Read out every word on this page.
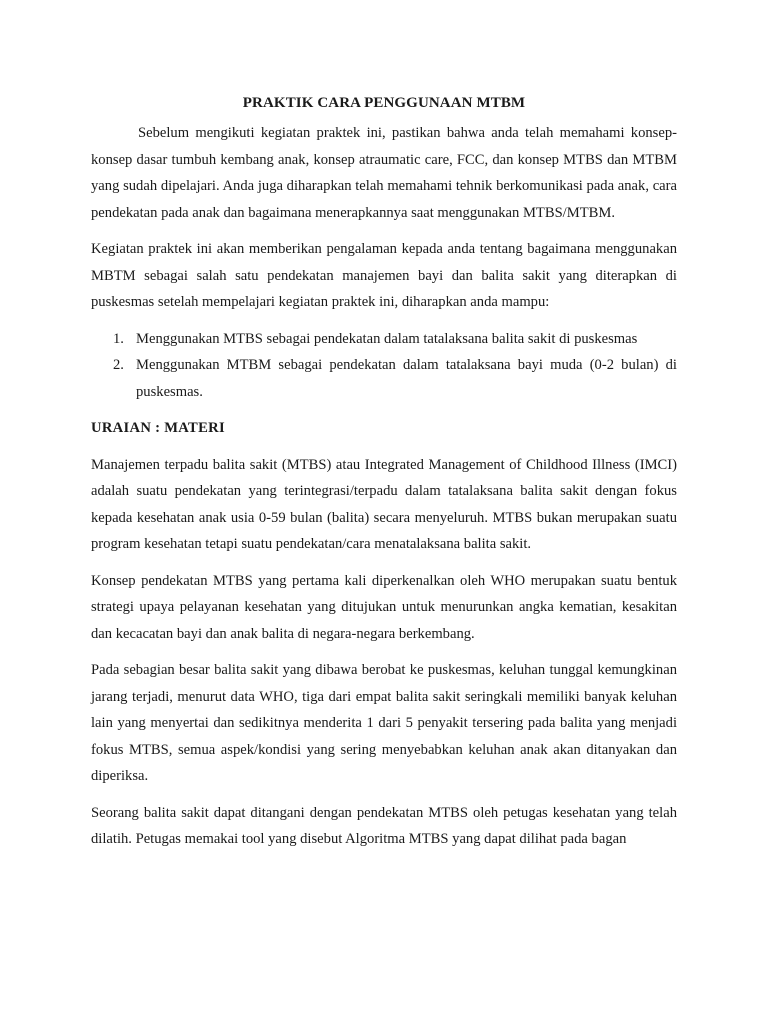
PRAKTIK CARA PENGGUNAAN MTBM

Sebelum mengikuti kegiatan praktek ini, pastikan bahwa anda telah memahami konsep-konsep dasar tumbuh kembang anak, konsep atraumatic care, FCC, dan konsep MTBS dan MTBM yang sudah dipelajari. Anda juga diharapkan telah memahami tehnik berkomunikasi pada anak, cara pendekatan pada anak dan bagaimana menerapkannya saat menggunakan MTBS/MTBM.

Kegiatan praktek ini akan memberikan pengalaman kepada anda tentang bagaimana menggunakan MBTM sebagai salah satu pendekatan manajemen bayi dan balita sakit yang diterapkan di puskesmas setelah mempelajari kegiatan praktek ini, diharapkan anda mampu:

1. Menggunakan MTBS sebagai pendekatan dalam tatalaksana balita sakit di puskesmas
2. Menggunakan MTBM sebagai pendekatan dalam tatalaksana bayi muda (0-2 bulan) di puskesmas.
URAIAN : MATERI

Manajemen terpadu balita sakit (MTBS) atau Integrated Management of Childhood Illness (IMCI) adalah suatu pendekatan yang terintegrasi/terpadu dalam tatalaksana balita sakit dengan fokus kepada kesehatan anak usia 0-59 bulan (balita) secara menyeluruh. MTBS bukan merupakan suatu program kesehatan tetapi suatu pendekatan/cara menatalaksana balita sakit.

Konsep pendekatan MTBS yang pertama kali diperkenalkan oleh WHO merupakan suatu bentuk strategi upaya pelayanan kesehatan yang ditujukan untuk menurunkan angka kematian, kesakitan dan kecacatan bayi dan anak balita di negara-negara berkembang.

Pada sebagian besar balita sakit yang dibawa berobat ke puskesmas, keluhan tunggal kemungkinan jarang terjadi, menurut data WHO, tiga dari empat balita sakit seringkali memiliki banyak keluhan lain yang menyertai dan sedikitnya menderita 1 dari 5 penyakit tersering pada balita yang menjadi fokus MTBS, semua aspek/kondisi yang sering menyebabkan keluhan anak akan ditanyakan dan diperiksa.

Seorang balita sakit dapat ditangani dengan pendekatan MTBS oleh petugas kesehatan yang telah dilatih. Petugas memakai tool yang disebut Algoritma MTBS yang dapat dilihat pada bagan
